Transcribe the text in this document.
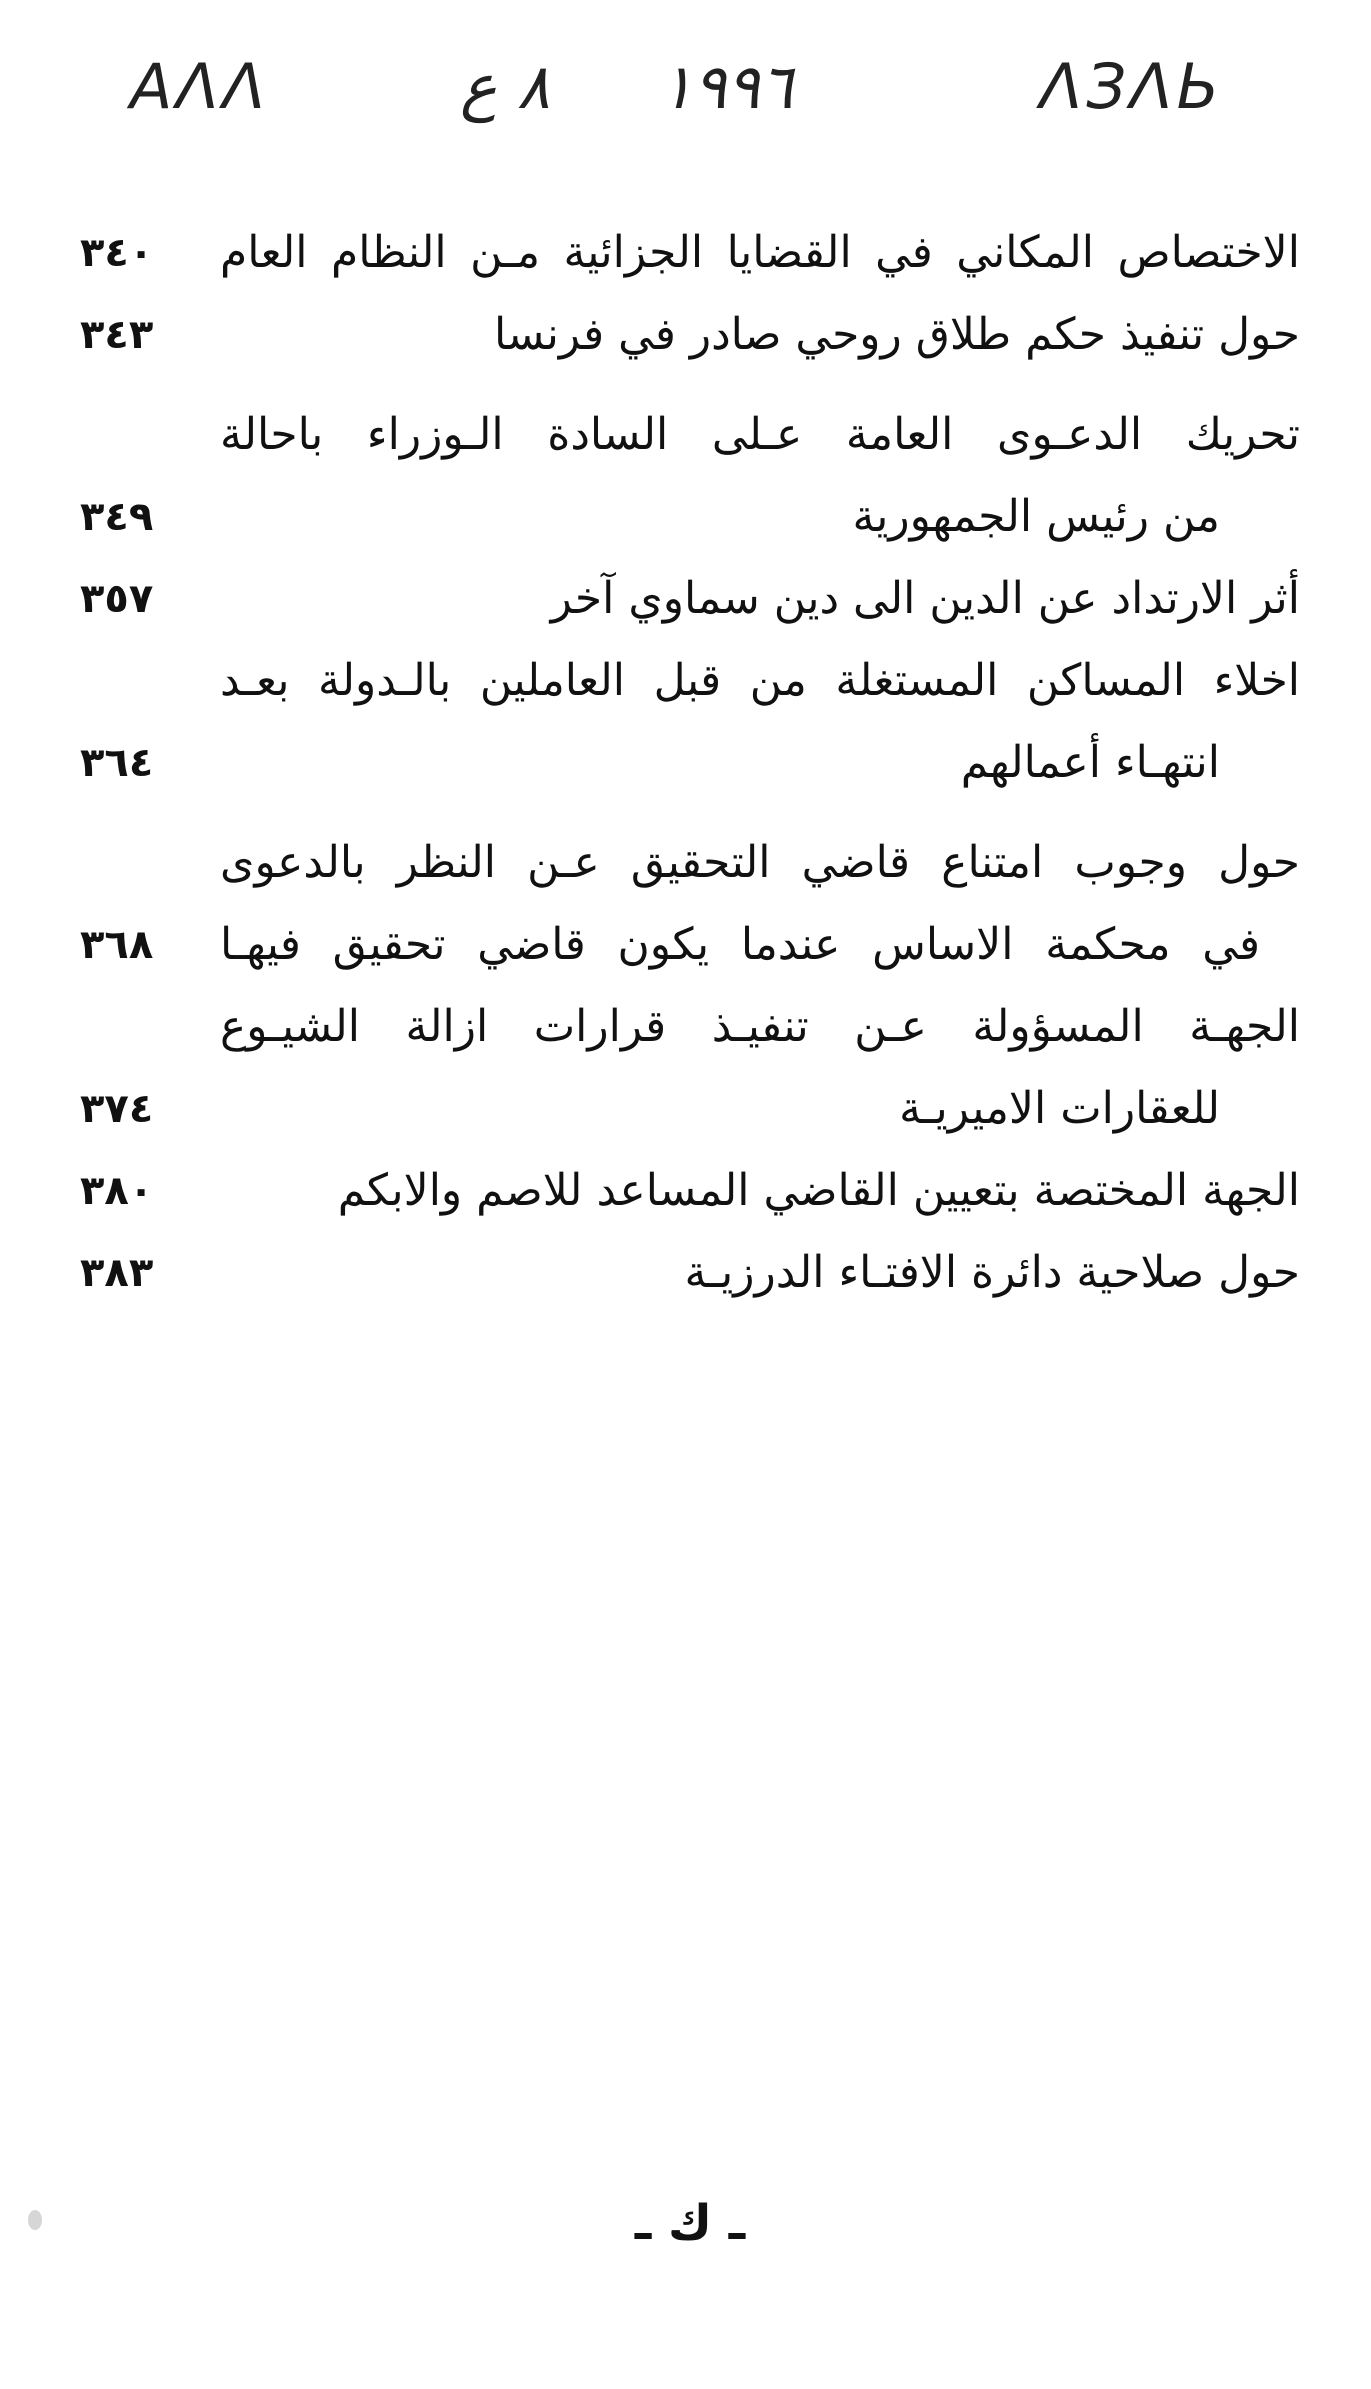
ΑΛΛ	٨ ع ١٩٩٦	ΛЗΛЬ
الاختصاص المكاني في القضايا الجزائية مـن النظام العام
٣٤٠
حول تنفيذ حكم طلاق روحي صادر في فرنسا
٣٤٣
تحريك الدعـوى العامة عـلى السادة الـوزراء باحالة
من رئيس الجمهورية
٣٤٩
أثر الارتداد عن الدين الى دين سماوي آخر
٣٥٧
اخلاء المساكن المستغلة من قبل العاملين بالـدولة بعـد
انتهـاء أعمالهم
٣٦٤
حول وجوب امتناع قاضي التحقيق عـن النظر بالدعوى
في محكمة الاساس عندما يكون قاضي تحقيق فيهـا
٣٦٨
الجهـة المسؤولة عـن تنفيـذ قرارات ازالة الشيـوع
للعقارات الاميريـة
٣٧٤
الجهة المختصة بتعيين القاضي المساعد للاصم والابكم
٣٨٠
حول صلاحية دائرة الافتـاء الدرزيـة
٣٨٣
ـ ك ـ
